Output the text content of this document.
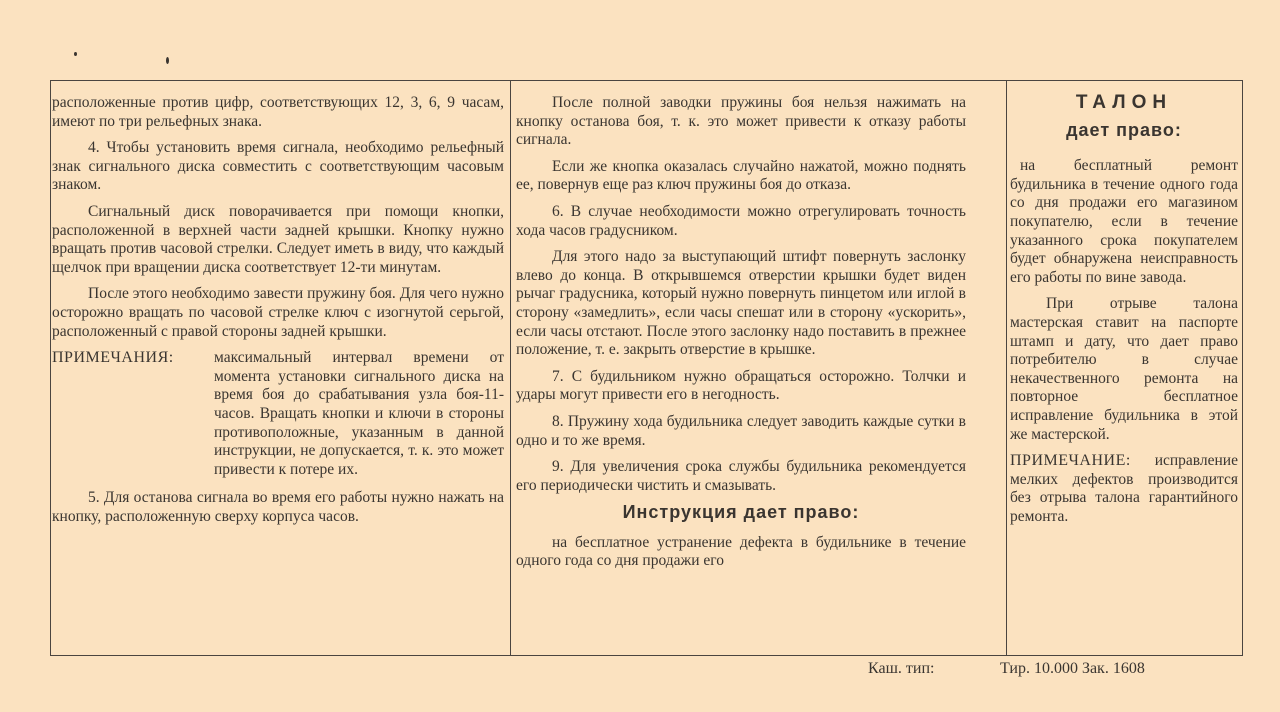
расположенные против цифр, соответствующих 12, 3, 6, 9 часам, имеют по три рельефных знака.

4. Чтобы установить время сигнала, необходимо рельефный знак сигнального диска совместить с соответствующим часовым знаком.

Сигнальный диск поворачивается при помощи кнопки, расположенной в верхней части задней крышки. Кнопку нужно вращать против часовой стрелки. Следует иметь в виду, что каждый щелчок при вращении диска соответствует 12-ти минутам.

После этого необходимо завести пружину боя. Для чего нужно осторожно вращать по часовой стрелке ключ с изогнутой серьгой, расположенный с правой стороны задней крышки.

ПРИМЕЧАНИЯ:	максимальный интервал времени от момента установки сигнального диска на время боя до срабатывания узла боя-11-часов. Вращать кнопки и ключи в стороны противоположные, указанным в данной инструкции, не допускается, т. к. это может привести к потере их.

5. Для останова сигнала во время его работы нужно нажать на кнопку, расположенную сверху корпуса часов.

После полной заводки пружины боя нельзя нажимать на кнопку останова боя, т. к. это может привести к отказу работы сигнала.

Если же кнопка оказалась случайно нажатой, можно поднять ее, повернув еще раз ключ пружины боя до отказа.

6. В случае необходимости можно отрегулировать точность хода часов градусником.

Для этого надо за выступающий штифт повернуть заслонку влево до конца. В открывшемся отверстии крышки будет виден рычаг градусника, который нужно повернуть пинцетом или иглой в сторону «замедлить», если часы спешат или в сторону «ускорить», если часы отстают. После этого заслонку надо поставить в прежнее положение, т. е. закрыть отверстие в крышке.

7. С будильником нужно обращаться осторожно. Толчки и удары могут привести его в негодность.

8. Пружину хода будильника следует заводить каждые сутки в одно и то же время.

9. Для увеличения срока службы будильника рекомендуется его периодически чистить и смазывать.

Инструкция дает право:

на бесплатное устранение дефекта в будильнике в течение одного года со дня продажи его

ТАЛОН
дает право:

на бесплатный ремонт будильника в течение одного года со дня продажи его магазином покупателю, если в течение указанного срока покупателем будет обнаружена неисправность его работы по вине завода.

При отрыве талона мастерская ставит на паспорте штамп и дату, что дает право потребителю в случае некачественного ремонта на повторное бесплатное исправление будильника в этой же мастерской.

ПРИМЕЧАНИЕ: исправление мелких дефектов производится без отрыва талона гарантийного ремонта.

Каш. тип:	Тир. 10.000 Зак. 1608
